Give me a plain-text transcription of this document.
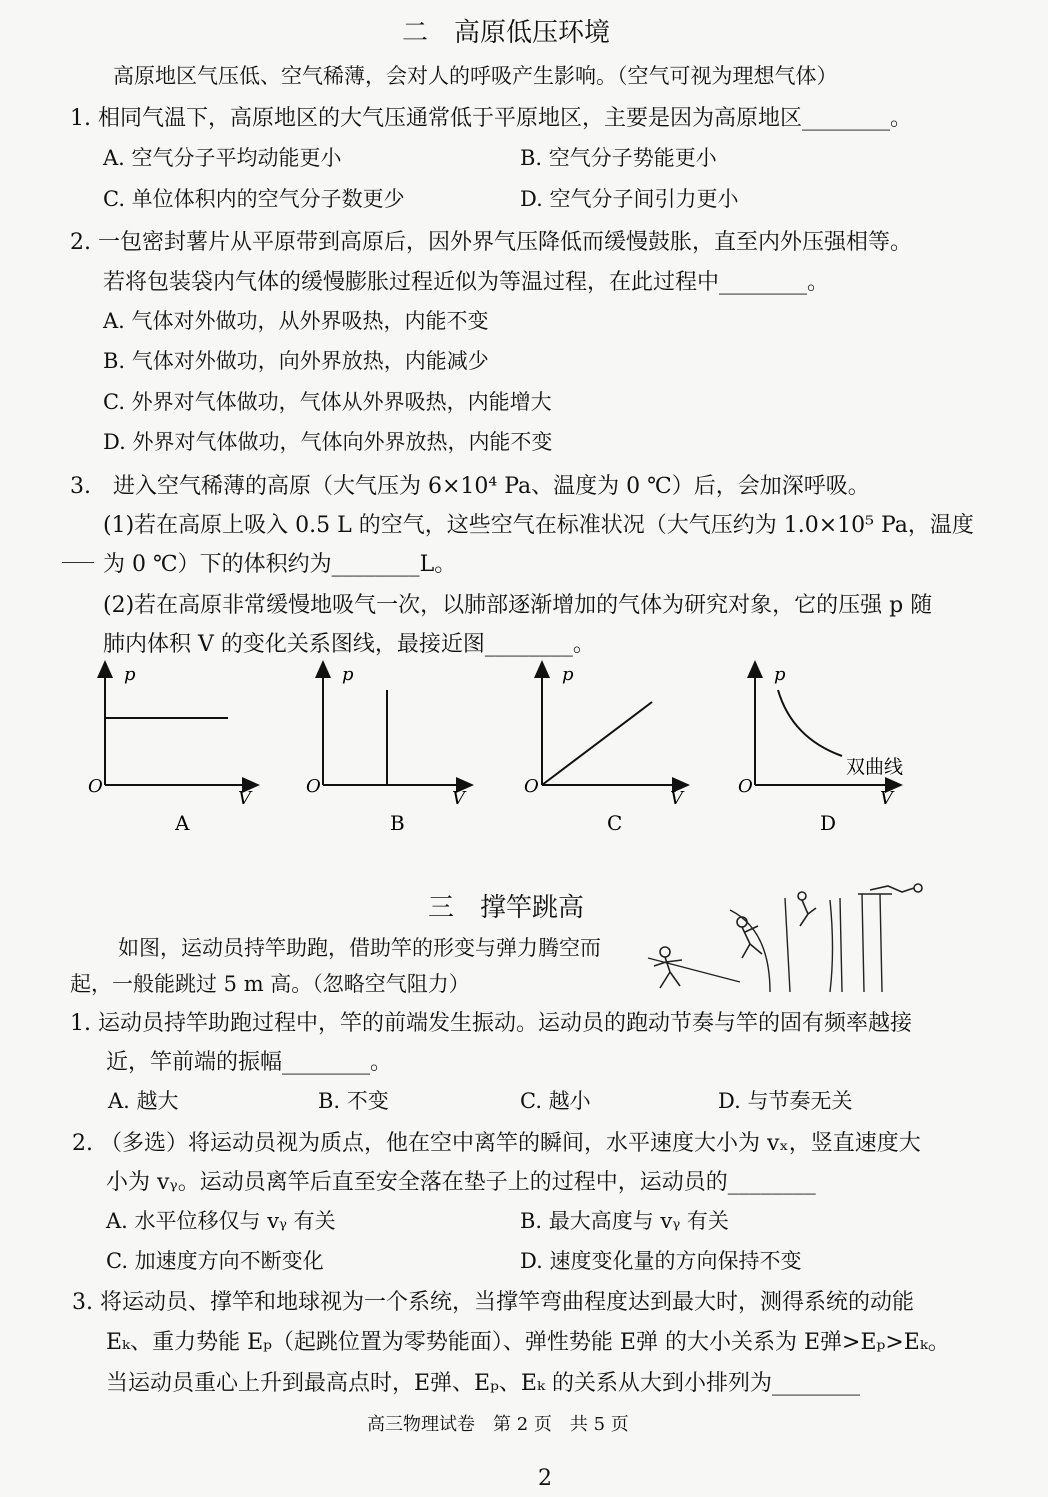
二　高原低压环境
高原地区气压低、空气稀薄，会对人的呼吸产生影响。（空气可视为理想气体）
1. 相同气温下，高原地区的大气压通常低于平原地区，主要是因为高原地区________。
A. 空气分子平均动能更小	B. 空气分子势能更小
C. 单位体积内的空气分子数更少	D. 空气分子间引力更小
2. 一包密封薯片从平原带到高原后，因外界气压降低而缓慢鼓胀，直至内外压强相等。
若将包装袋内气体的缓慢膨胀过程近似为等温过程，在此过程中________。
A. 气体对外做功，从外界吸热，内能不变
B. 气体对外做功，向外界放热，内能减少
C. 外界对气体做功，气体从外界吸热，内能增大
D. 外界对气体做功，气体向外界放热，内能不变
3.　进入空气稀薄的高原（大气压为 6×10⁴ Pa、温度为 0 ℃）后，会加深呼吸。
(1)若在高原上吸入 0.5 L 的空气，这些空气在标准状况（大气压约为 1.0×10⁵ Pa，温度
为 0 ℃）下的体积约为________L。
(2)若在高原非常缓慢地吸气一次，以肺部逐渐增加的气体为研究对象，它的压强 p 随
肺内体积 V 的变化关系图线，最接近图________。
p
O
V
A
p
O
V
B
p
O
V
C
p
O
V
D
双曲线
三　撑竿跳高
如图，运动员持竿助跑，借助竿的形变与弹力腾空而
起，一般能跳过 5 m 高。（忽略空气阻力）
1. 运动员持竿助跑过程中，竿的前端发生振动。运动员的跑动节奏与竿的固有频率越接
近，竿前端的振幅________。
A. 越大	B. 不变	C. 越小	D. 与节奏无关
2. （多选）将运动员视为质点，他在空中离竿的瞬间，水平速度大小为 vₓ，竖直速度大
小为 vᵧ。运动员离竿后直至安全落在垫子上的过程中，运动员的________
A. 水平位移仅与 vᵧ 有关	B. 最大高度与 vᵧ 有关
C. 加速度方向不断变化	D. 速度变化量的方向保持不变
3. 将运动员、撑竿和地球视为一个系统，当撑竿弯曲程度达到最大时，测得系统的动能
Eₖ、重力势能 Eₚ（起跳位置为零势能面）、弹性势能 E弹 的大小关系为 E弹>Eₚ>Eₖ。
当运动员重心上升到最高点时，E弹、Eₚ、Eₖ 的关系从大到小排列为________
高三物理试卷　第 2 页　共 5 页
2
